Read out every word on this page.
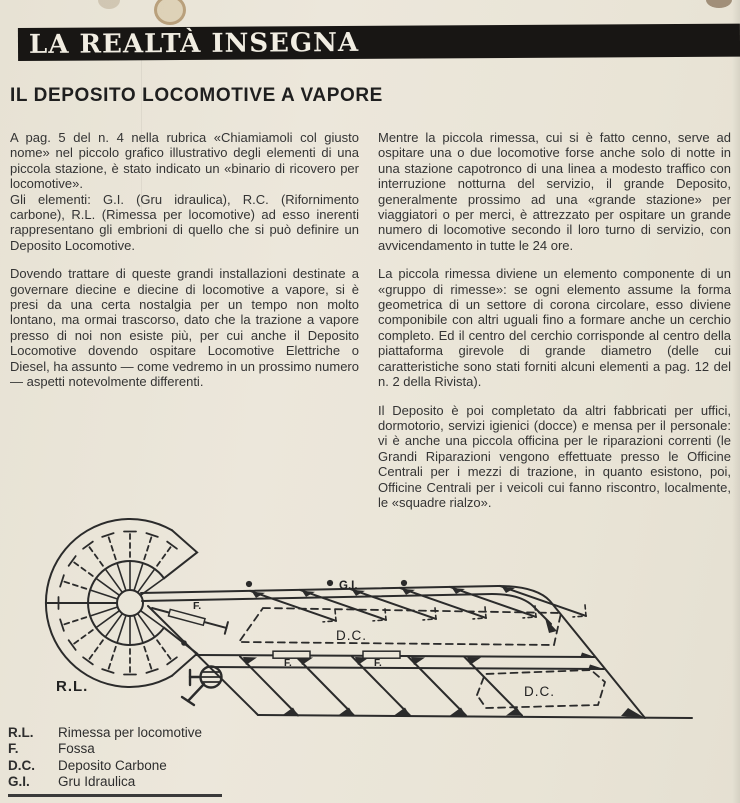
LA REALTÀ INSEGNA
IL DEPOSITO LOCOMOTIVE A VAPORE

A pag. 5 del n. 4 nella rubrica «Chiamiamoli col giusto nome» nel piccolo grafico illustrativo degli elementi di una piccola stazione, è stato indicato un «binario di ricovero per locomotive».

Gli elementi: G.I. (Gru idraulica), R.C. (Rifornimento carbone), R.L. (Rimessa per locomotive) ad esso inerenti rappresentano gli embrioni di quello che si può definire un Deposito Locomotive.

Dovendo trattare di queste grandi installazioni destinate a governare diecine e diecine di locomotive a vapore, si è presi da una certa nostalgia per un tempo non molto lontano, ma ormai trascorso, dato che la trazione a vapore presso di noi non esiste più, per cui anche il Deposito Locomotive dovendo ospitare Locomotive Elettriche o Diesel, ha assunto — come vedremo in un prossimo numero — aspetti notevolmente differenti.

Mentre la piccola rimessa, cui si è fatto cenno, serve ad ospitare una o due locomotive forse anche solo di notte in una stazione capotronco di una linea a modesto traffico con interruzione notturna del servizio, il grande Deposito, generalmente prossimo ad una «grande stazione» per viaggiatori o per merci, è attrezzato per ospitare un grande numero di locomotive secondo il loro turno di servizio, con avvicendamento in tutte le 24 ore.

La piccola rimessa diviene un elemento componente di un «gruppo di rimesse»: se ogni elemento assume la forma geometrica di un settore di corona circolare, esso diviene componibile con altri uguali fino a formare anche un cerchio completo. Ed il centro del cerchio corrisponde al centro della piattaforma girevole di grande diametro (delle cui caratteristiche sono stati forniti alcuni elementi a pag. 12 del n. 2 della Rivista).

Il Deposito è poi completato da altri fabbricati per uffici, dormotorio, servizi igienici (docce) e mensa per il personale: vi è anche una piccola officina per le riparazioni correnti (le Grandi Riparazioni vengono effettuate presso le Officine Centrali per i mezzi di trazione, in quanto esistono, poi, Officine Centrali per i veicoli cui fanno riscontro, localmente, le «squadre rialzo».

R.L.
G.I.
F.
F.	F.
D.C.
D.C.
R.L.	Rimessa per locomotive
F.	Fossa
D.C.	Deposito Carbone
G.I.	Gru Idraulica
